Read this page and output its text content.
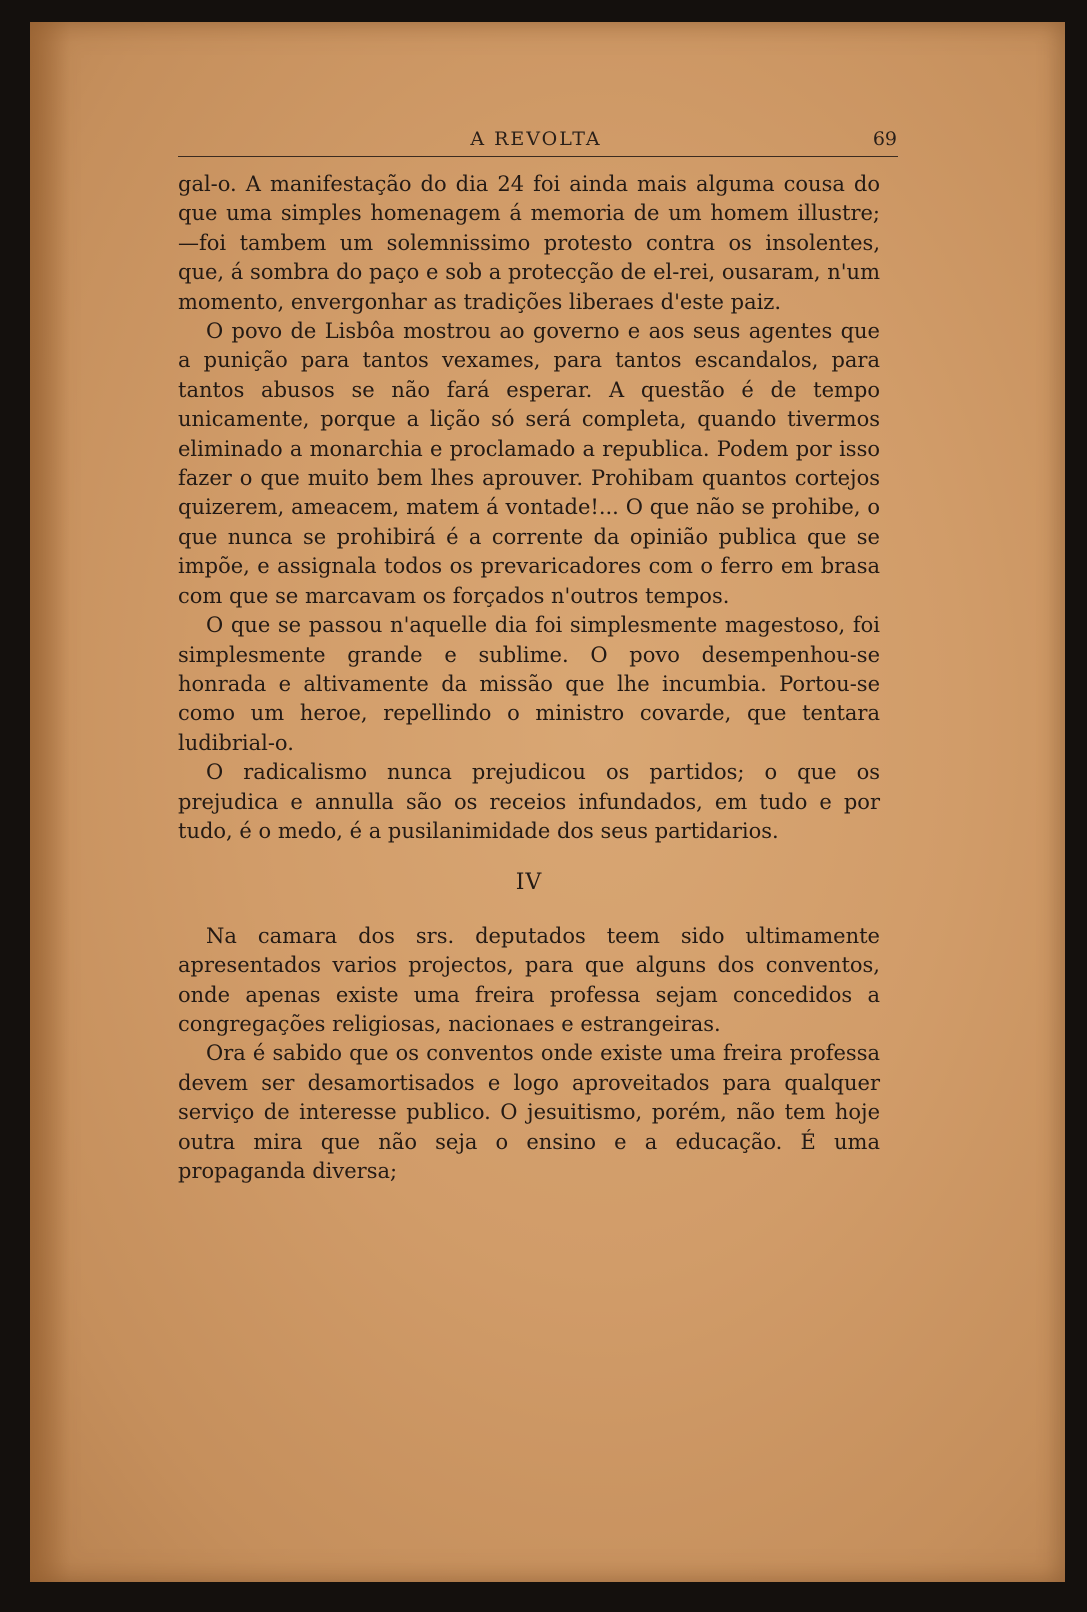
A REVOLTA	69

gal-o. A manifestação do dia 24 foi ainda mais alguma cousa do que uma simples homenagem á memoria de um homem illustre;—foi tambem um solemnissimo protesto contra os insolentes, que, á sombra do paço e sob a protecção de el-rei, ousaram, n'um momento, envergonhar as tradições liberaes d'este paiz.

O povo de Lisbôa mostrou ao governo e aos seus agentes que a punição para tantos vexames, para tantos escandalos, para tantos abusos se não fará esperar. A questão é de tempo unicamente, porque a lição só será completa, quando tivermos eliminado a monarchia e proclamado a republica. Podem por isso fazer o que muito bem lhes aprouver. Prohibam quantos cortejos quizerem, ameacem, matem á vontade!... O que não se prohibe, o que nunca se prohibirá é a corrente da opinião publica que se impõe, e assignala todos os prevaricadores com o ferro em brasa com que se marcavam os forçados n'outros tempos.

O que se passou n'aquelle dia foi simplesmente magestoso, foi simplesmente grande e sublime. O povo desempenhou-se honrada e altivamente da missão que lhe incumbia. Portou-se como um heroe, repellindo o ministro covarde, que tentara ludibrial-o.

O radicalismo nunca prejudicou os partidos; o que os prejudica e annulla são os receios infundados, em tudo e por tudo, é o medo, é a pusilanimidade dos seus partidarios.

IV

Na camara dos srs. deputados teem sido ultimamente apresentados varios projectos, para que alguns dos conventos, onde apenas existe uma freira professa sejam concedidos a congregações religiosas, nacionaes e estrangeiras.

Ora é sabido que os conventos onde existe uma freira professa devem ser desamortisados e logo aproveitados para qualquer serviço de interesse publico. O jesuitismo, porém, não tem hoje outra mira que não seja o ensino e a educação. É uma propaganda diversa;
